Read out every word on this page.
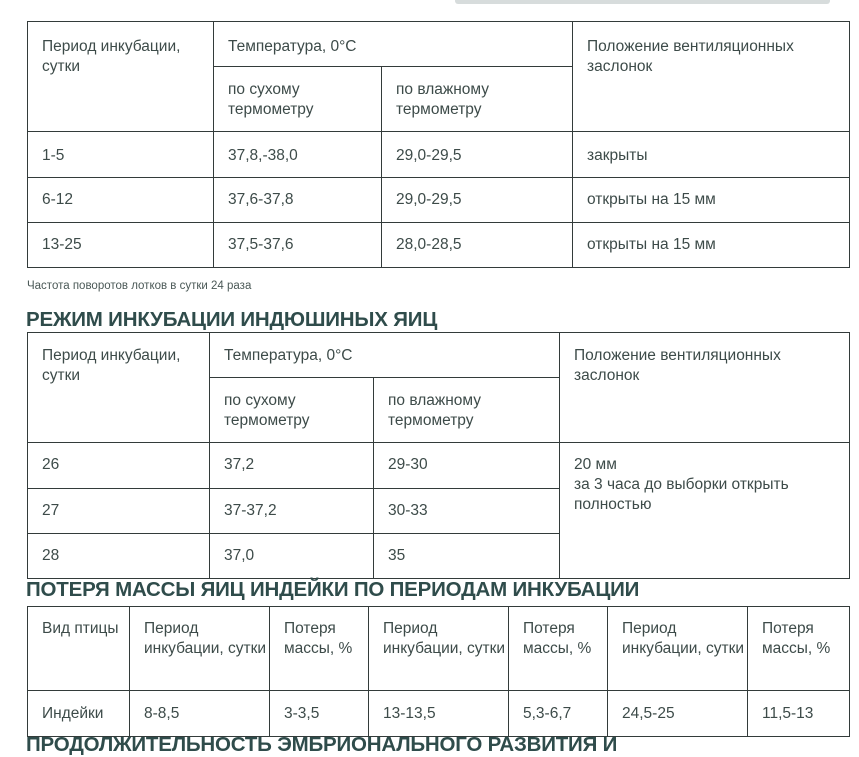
Период инкубации, сутки	Температура, 0°С		Положение вентиляционных заслонок
	по сухому термометру	по влажному термометру	
1-5	37,8,-38,0	29,0-29,5	закрыты
6-12	37,6-37,8	29,0-29,5	открыты на 15 мм
13-25	37,5-37,6	28,0-28,5	открыты на 15 мм
Частота поворотов лотков в сутки 24 раза
РЕЖИМ ИНКУБАЦИИ ИНДЮШИНЫХ ЯИЦ
Период инкубации, сутки	Температура, 0°С		Положение вентиляционных заслонок
	по сухому термометру	по влажному термометру	
26	37,2	29-30	20 мм
за 3 часа до выборки открыть полностью

27	37-37,2	30-33	
28	37,0	35	
ПОТЕРЯ МАССЫ ЯИЦ ИНДЕЙКИ ПО ПЕРИОДАМ ИНКУБАЦИИ
Вид птицы	Период инкубации, сутки	Потеря массы, %	Период инкубации, сутки	Потеря массы, %	Период инкубации, сутки	Потеря массы, %
Индейки	8-8,5	3-3,5	13-13,5	5,3-6,7	24,5-25	11,5-13
ПРОДОЛЖИТЕЛЬНОСТЬ ЭМБРИОНАЛЬНОГО РАЗВИТИЯ И
